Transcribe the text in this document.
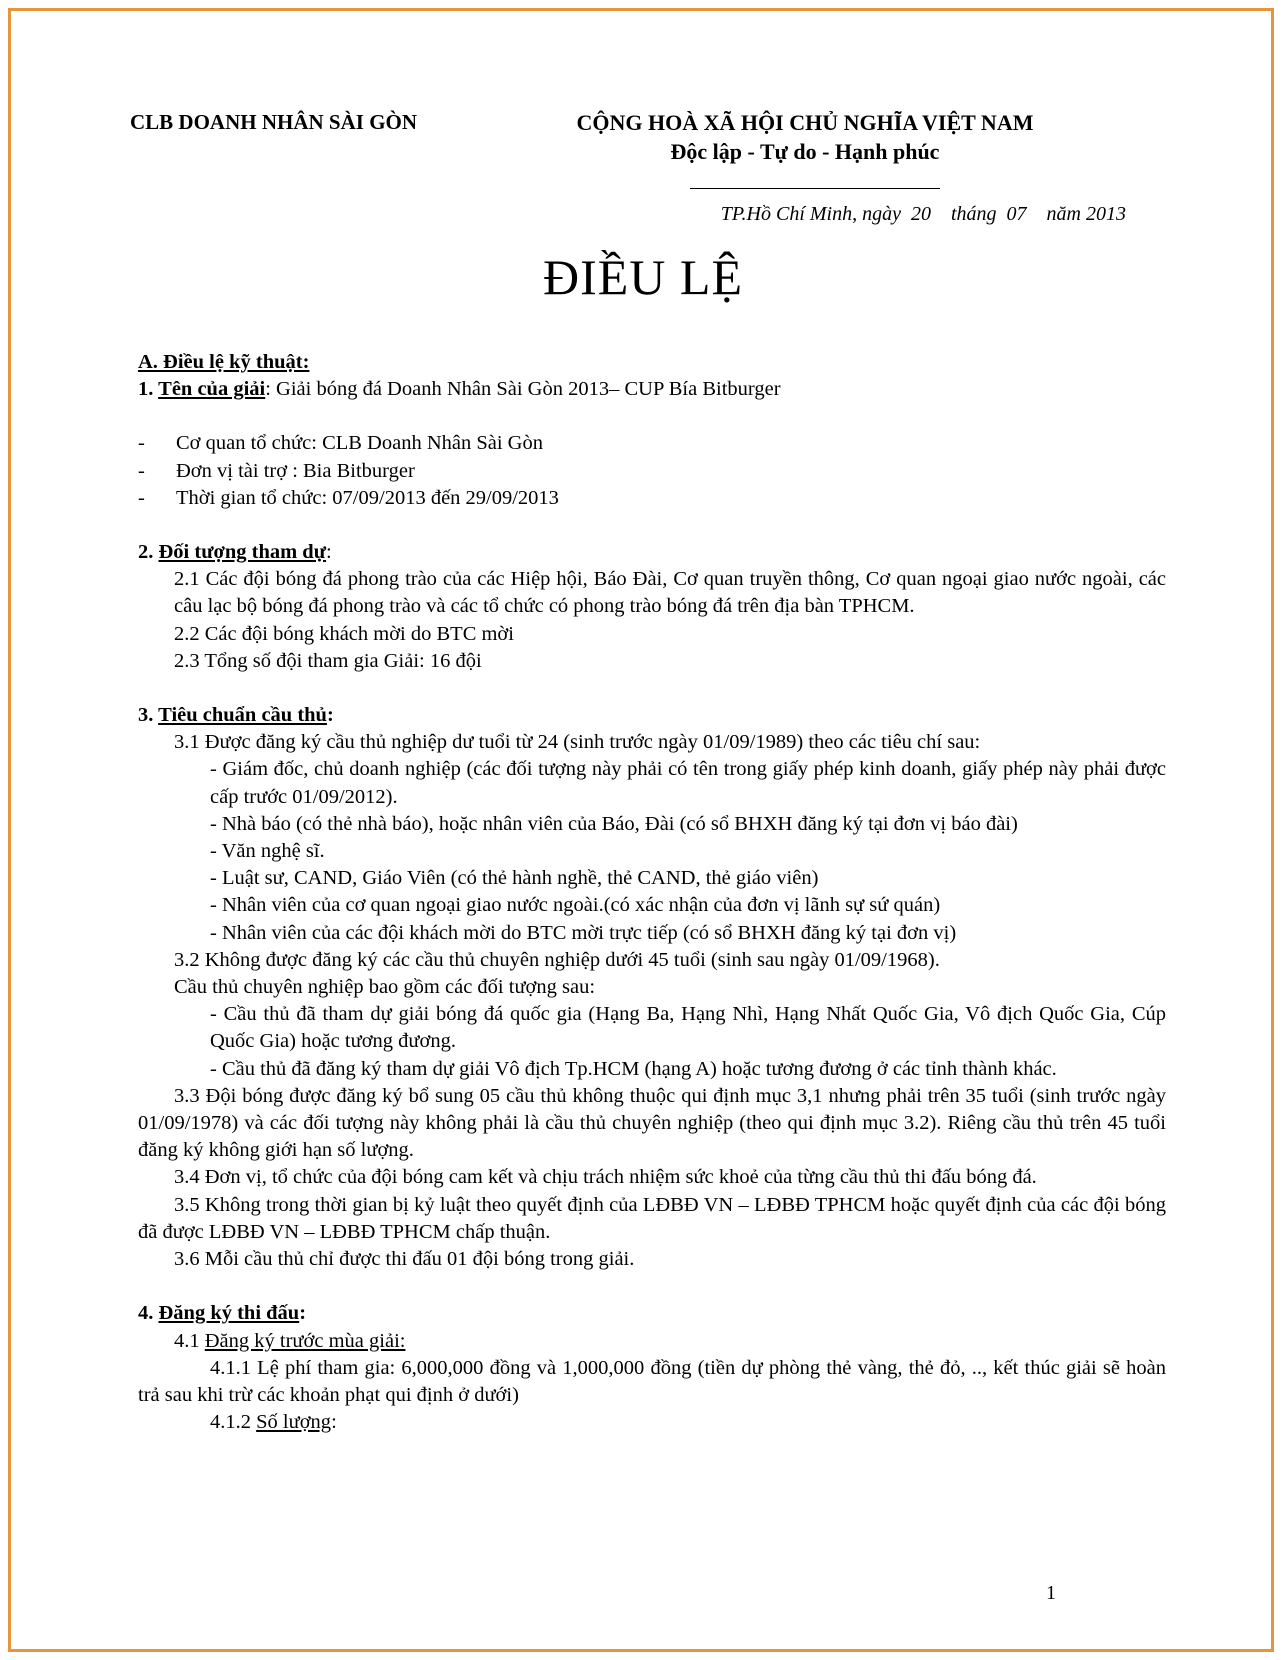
CLB DOANH NHÂN SÀI GÒN	CỘNG HOÀ XÃ HỘI CHỦ NGHĨA VIỆT NAM
Độc lập - Tự do - Hạnh phúc
TP.Hồ Chí Minh, ngày  20    tháng  07    năm 2013
ĐIỀU LỆ

A. Điều lệ kỹ thuật:

1. Tên của giải: Giải bóng đá Doanh Nhân Sài Gòn 2013– CUP Bía Bitburger

- Cơ quan tổ chức: CLB Doanh Nhân Sài Gòn

- Đơn vị tài trợ : Bia Bitburger

- Thời gian tổ chức: 07/09/2013 đến 29/09/2013

2. Đối tượng tham dự:

2.1 Các đội bóng đá phong trào của các Hiệp hội, Báo Đài, Cơ quan truyền thông, Cơ quan ngoại giao nước ngoài, các câu lạc bộ bóng đá phong trào và các tổ chức có phong trào bóng đá trên địa bàn TPHCM.

2.2 Các đội bóng khách mời do BTC mời

2.3 Tổng số đội tham gia Giải: 16 đội

3. Tiêu chuẩn cầu thủ:

3.1 Được đăng ký cầu thủ nghiệp dư tuổi từ 24 (sinh trước ngày 01/09/1989) theo các tiêu chí sau:

- Giám đốc, chủ doanh nghiệp (các đối tượng này phải có tên trong giấy phép kinh doanh, giấy phép này phải được cấp trước 01/09/2012).

- Nhà báo (có thẻ nhà báo), hoặc nhân viên của Báo, Đài (có sổ BHXH đăng ký tại đơn vị báo đài)

- Văn nghệ sĩ.

- Luật sư, CAND, Giáo Viên (có thẻ hành nghề, thẻ CAND, thẻ giáo viên)

- Nhân viên của cơ quan ngoại giao nước ngoài.(có xác nhận của đơn vị lãnh sự sứ quán)

- Nhân viên của các đội khách mời do BTC mời trực tiếp (có sổ BHXH đăng ký tại đơn vị)

3.2 Không được đăng ký các cầu thủ chuyên nghiệp dưới 45 tuổi (sinh sau ngày 01/09/1968).

Cầu thủ chuyên nghiệp bao gồm các đối tượng sau:

- Cầu thủ đã tham dự giải bóng đá quốc gia (Hạng Ba, Hạng Nhì, Hạng Nhất Quốc Gia, Vô địch Quốc Gia, Cúp Quốc Gia) hoặc tương đương.

- Cầu thủ đã đăng ký tham dự giải Vô địch Tp.HCM (hạng A) hoặc tương đương ở các tỉnh thành khác.

3.3 Đội bóng được đăng ký bổ sung 05 cầu thủ không thuộc qui định mục 3,1 nhưng phải trên 35 tuổi (sinh trước ngày 01/09/1978) và các đối tượng này không phải là cầu thủ chuyên nghiệp (theo qui định mục 3.2). Riêng cầu thủ trên 45 tuổi đăng ký không giới hạn số lượng.

3.4 Đơn vị, tổ chức của đội bóng cam kết và chịu trách nhiệm sức khoẻ của từng cầu thủ thi đấu bóng đá.

3.5 Không trong thời gian bị kỷ luật theo quyết định của LĐBĐ VN – LĐBĐ TPHCM hoặc quyết định của các đội bóng đã được LĐBĐ VN – LĐBĐ TPHCM chấp thuận.

3.6 Mỗi cầu thủ chỉ được thi đấu 01 đội bóng trong giải.

4. Đăng ký thi đấu:

4.1 Đăng ký trước mùa giải:

4.1.1 Lệ phí tham gia: 6,000,000 đồng và 1,000,000 đồng (tiền dự phòng thẻ vàng, thẻ đỏ, .., kết thúc giải sẽ hoàn trả sau khi trừ các khoản phạt qui định ở dưới)

4.1.2 Số lượng:

1
